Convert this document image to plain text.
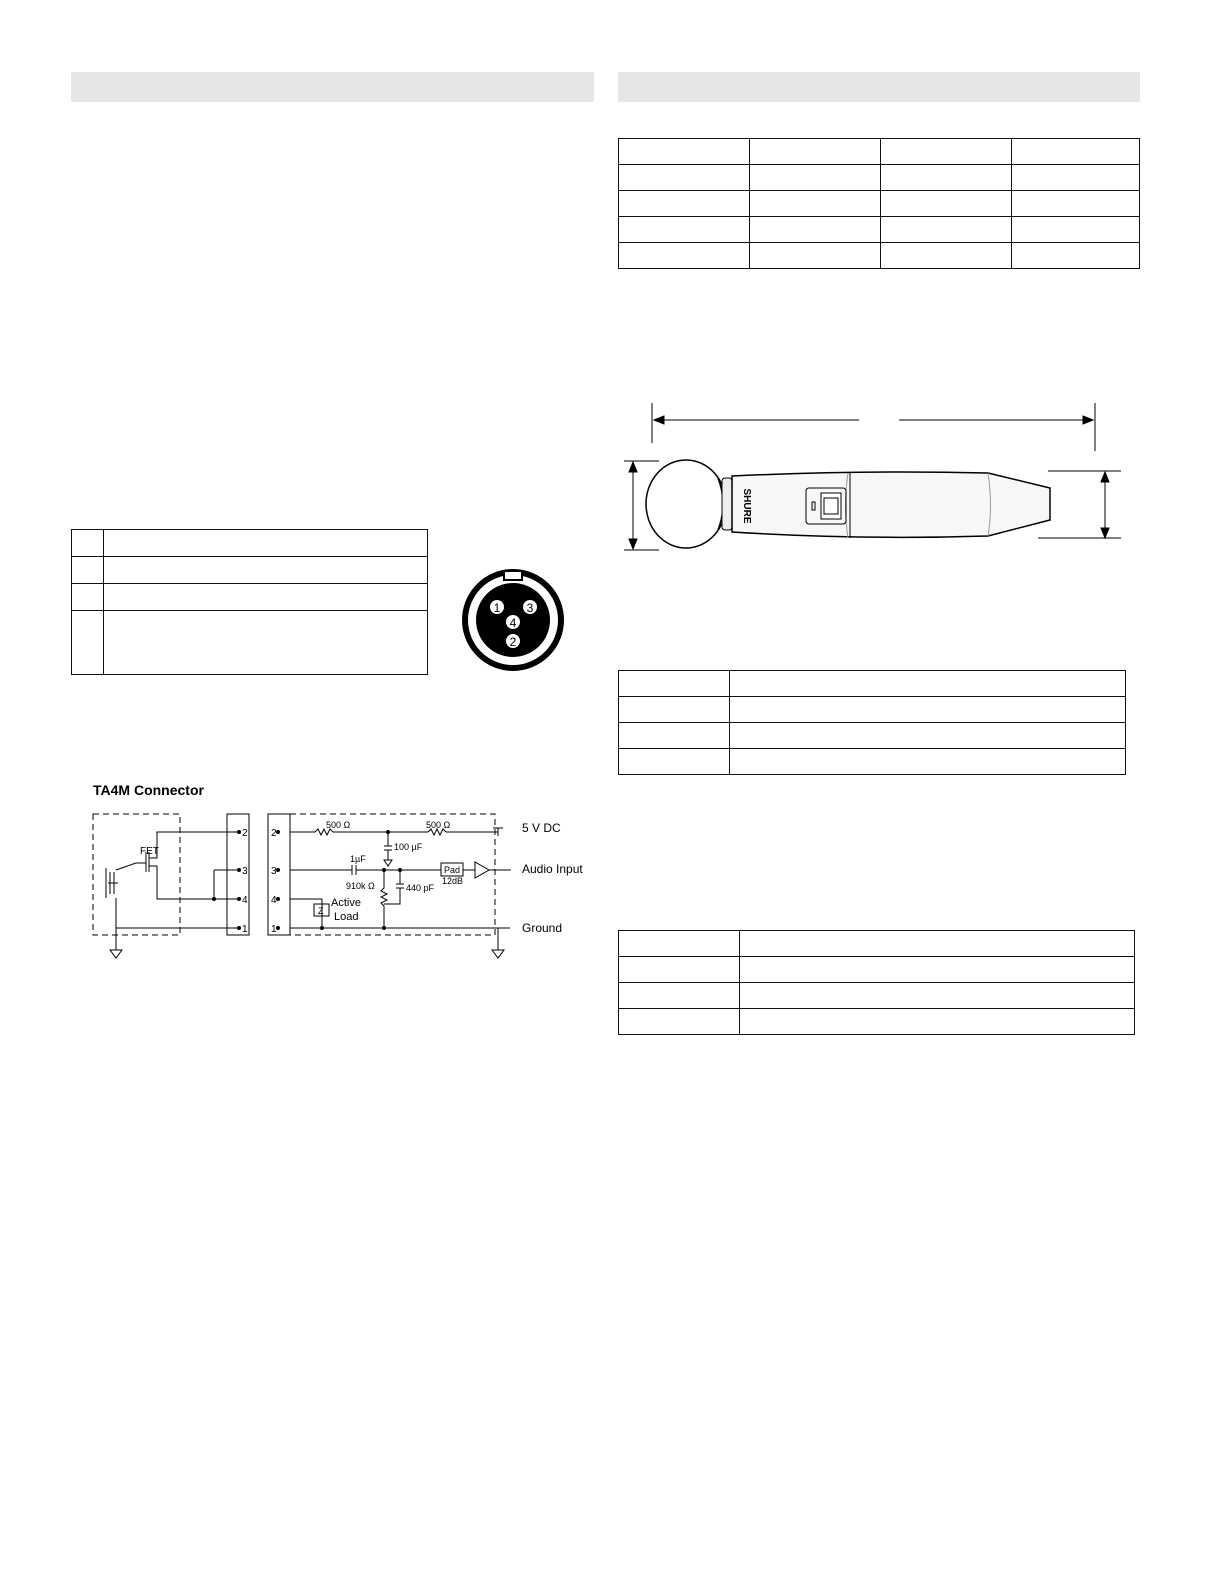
1 3
4
2
TA4M Connector
2
3
4
1
2
3
4
1
FET
500 Ω	500 Ω
100 µF
1µF
910k Ω	440 pF
Pad
12dB
Z
Active
Load
5 V DC
Audio Input
Ground

SHURE
